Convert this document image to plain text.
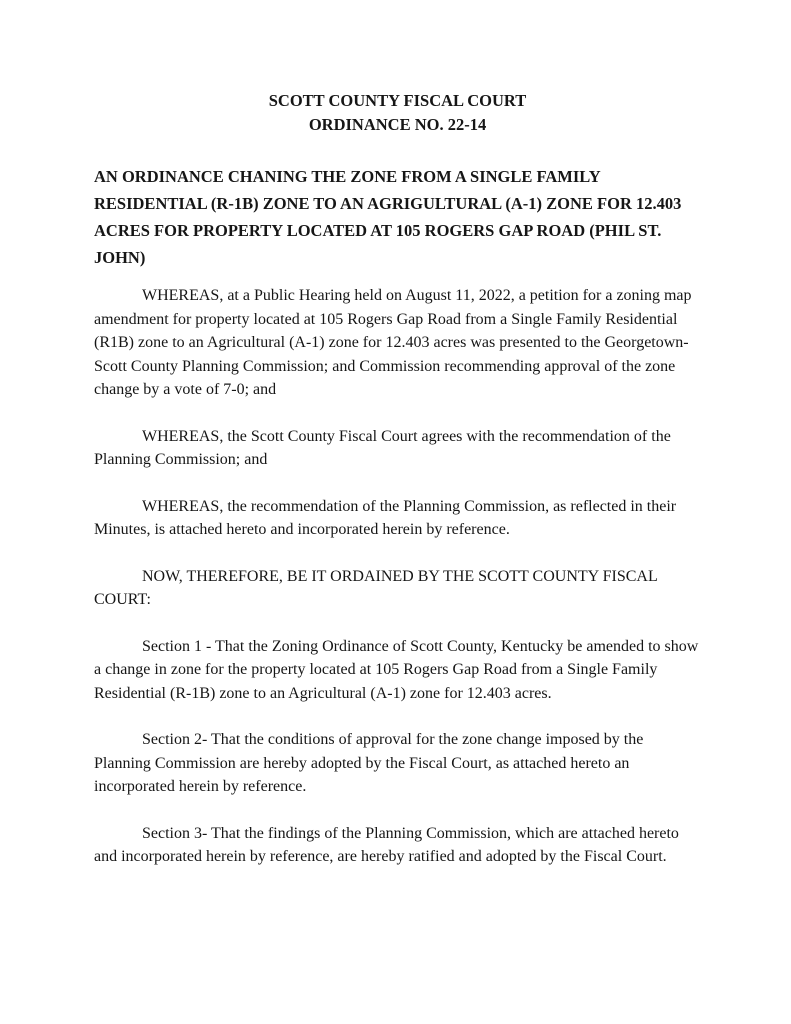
SCOTT COUNTY FISCAL COURT
ORDINANCE NO. 22-14

AN ORDINANCE CHANING THE ZONE FROM A SINGLE FAMILY RESIDENTIAL (R-1B) ZONE TO AN AGRIGULTURAL (A-1) ZONE FOR 12.403 ACRES FOR PROPERTY LOCATED AT 105 ROGERS GAP ROAD (PHIL ST. JOHN)

WHEREAS, at a Public Hearing held on August 11, 2022, a petition for a zoning map amendment for property located at 105 Rogers Gap Road from a Single Family Residential (R1B) zone to an Agricultural (A-1) zone for 12.403 acres was presented to the Georgetown-Scott County Planning Commission; and Commission recommending approval of the zone change by a vote of 7-0; and

WHEREAS, the Scott County Fiscal Court agrees with the recommendation of the Planning Commission; and

WHEREAS, the recommendation of the Planning Commission, as reflected in their Minutes, is attached hereto and incorporated herein by reference.

NOW, THEREFORE, BE IT ORDAINED BY THE SCOTT COUNTY FISCAL COURT:

Section 1 - That the Zoning Ordinance of Scott County, Kentucky be amended to show a change in zone for the property located at 105 Rogers Gap Road from a Single Family Residential (R-1B) zone to an Agricultural (A-1) zone for 12.403 acres.

Section 2- That the conditions of approval for the zone change imposed by the Planning Commission are hereby adopted by the Fiscal Court, as attached hereto an incorporated herein by reference.

Section 3- That the findings of the Planning Commission, which are attached hereto and incorporated herein by reference, are hereby ratified and adopted by the Fiscal Court.
